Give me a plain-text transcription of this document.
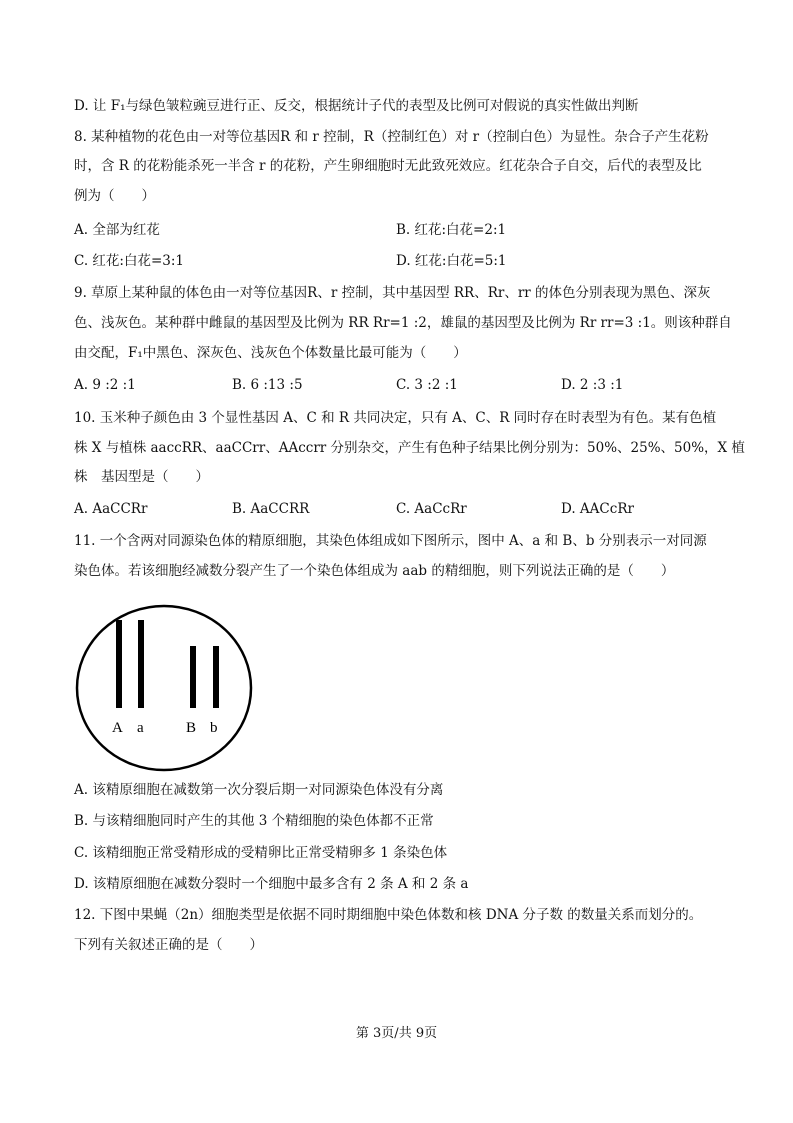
D. 让 F₁与绿色皱粒豌豆进行正、反交，根据统计子代的表型及比例可对假说的真实性做出判断
8. 某种植物的花色由一对等位基因R 和 r 控制，R（控制红色）对 r（控制白色）为显性。杂合子产生花粉
时，含 R 的花粉能杀死一半含 r 的花粉，产生卵细胞时无此致死效应。红花杂合子自交，后代的表型及比
例为（　　）
A. 全部为红花	B. 红花:白花=2:1
C. 红花:白花=3:1	D. 红花:白花=5:1
9. 草原上某种鼠的体色由一对等位基因R、r 控制，其中基因型 RR、Rr、rr 的体色分别表现为黑色、深灰
色、浅灰色。某种群中雌鼠的基因型及比例为 RR Rr=1 :2，雄鼠的基因型及比例为 Rr rr=3 :1。则该种群自
由交配，F₁中黑色、深灰色、浅灰色个体数量比最可能为（　　）
A. 9 :2 :1	B. 6 :13 :5	C. 3 :2 :1	D. 2 :3 :1
10. 玉米种子颜色由 3 个显性基因 A、C 和 R 共同决定，只有 A、C、R 同时存在时表型为有色。某有色植
株 X 与植株 aaccRR、aaCCrr、AAccrr 分别杂交，产生有色种子结果比例分别为：50%、25%、50%，X 植
株　基因型是（　　）
A. AaCCRr	B. AaCCRR	C. AaCcRr	D. AACcRr
11. 一个含两对同源染色体的精原细胞，其染色体组成如下图所示，图中 A、a 和 B、b 分别表示一对同源
染色体。若该细胞经减数分裂产生了一个染色体组成为 aab 的精细胞，则下列说法正确的是（　　）
A a	B b
A. 该精原细胞在减数第一次分裂后期一对同源染色体没有分离
B. 与该精细胞同时产生的其他 3 个精细胞的染色体都不正常
C. 该精细胞正常受精形成的受精卵比正常受精卵多 1 条染色体
D. 该精原细胞在减数分裂时一个细胞中最多含有 2 条 A 和 2 条 a
12. 下图中果蝇（2n）细胞类型是依据不同时期细胞中染色体数和核 DNA 分子数 的数量关系而划分的。
下列有关叙述正确的是（　　）
第 3页/共 9页
